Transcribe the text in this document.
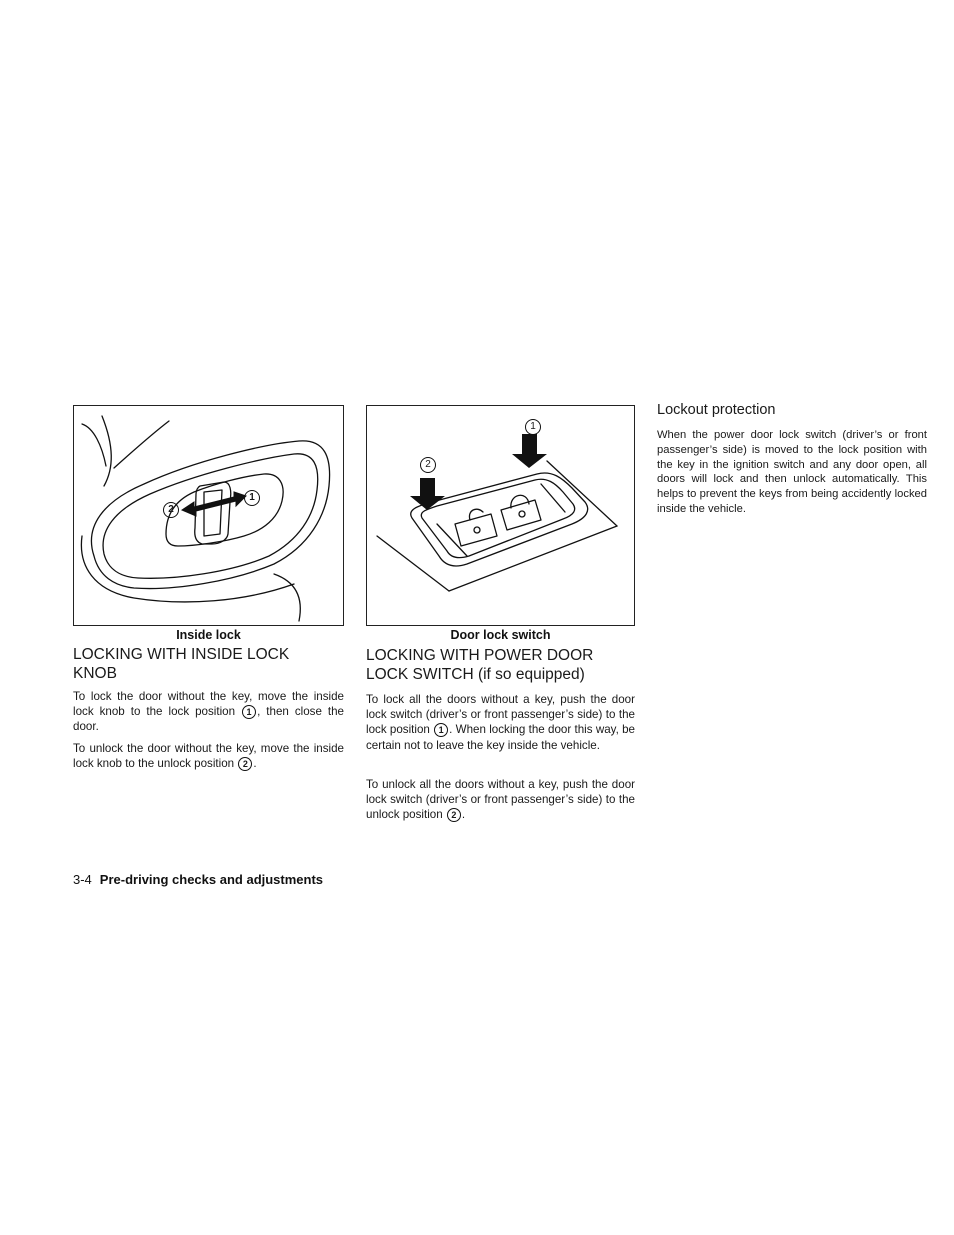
1
2
Inside lock
1
2
Door lock switch
LOCKING WITH INSIDE LOCK KNOB

To lock the door without the key, move the inside lock knob to the lock position 1 , then close the door.

To unlock the door without the key, move the inside lock knob to the unlock position 2 .

LOCKING WITH POWER DOOR LOCK SWITCH (if so equipped)

To lock all the doors without a key, push the door lock switch (driver’s or front passenger’s side) to the lock position 1 . When locking the door this way, be certain not to leave the key inside the vehicle.

To unlock all the doors without a key, push the door lock switch (driver’s or front passenger’s side) to the unlock position 2 .

Lockout protection

When the power door lock switch (driver’s or front passenger’s side) is moved to the lock position with the key in the ignition switch and any door open, all doors will lock and then unlock automatically. This helps to prevent the keys from being accidently locked inside the vehicle.

3-4 Pre-driving checks and adjustments
